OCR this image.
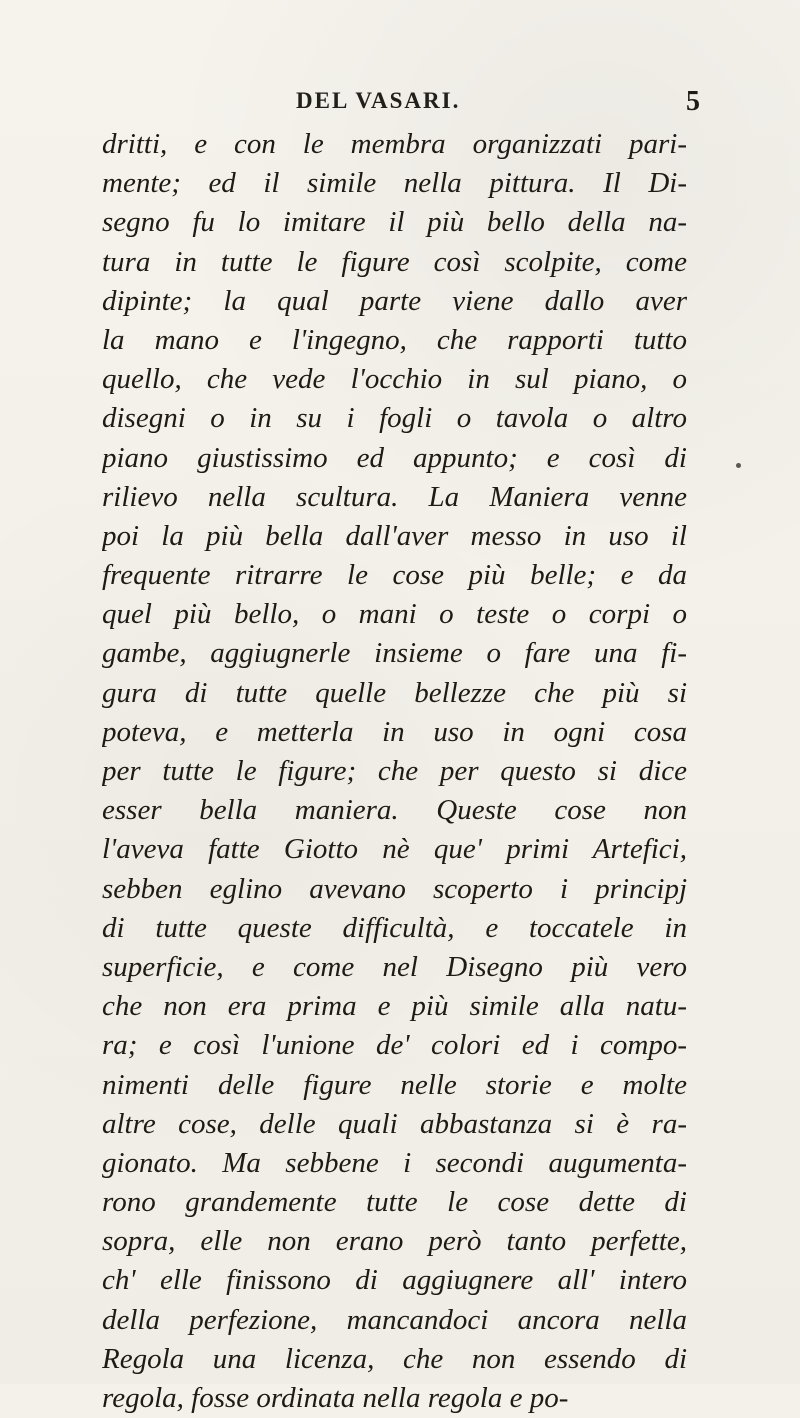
DEL VASARI.	5
dritti, e con le membra organizzati pari-
mente; ed il simile nella pittura. Il Di-
segno fu lo imitare il più bello della na-
tura in tutte le figure così scolpite, come
dipinte; la qual parte viene dallo aver
la mano e l'ingegno, che rapporti tutto
quello, che vede l'occhio in sul piano, o
disegni o in su i fogli o tavola o altro
piano giustissimo ed appunto; e così di
rilievo nella scultura. La Maniera venne
poi la più bella dall'aver messo in uso il
frequente ritrarre le cose più belle; e da
quel più bello, o mani o teste o corpi o
gambe, aggiugnerle insieme o fare una fi-
gura di tutte quelle bellezze che più si
poteva, e metterla in uso in ogni cosa
per tutte le figure; che per questo si dice
esser bella maniera. Queste cose non
l'aveva fatte Giotto nè que' primi Artefici,
sebben eglino avevano scoperto i principj
di tutte queste difficultà, e toccatele in
superficie, e come nel Disegno più vero
che non era prima e più simile alla natu-
ra; e così l'unione de' colori ed i compo-
nimenti delle figure nelle storie e molte
altre cose, delle quali abbastanza si è ra-
gionato. Ma sebbene i secondi augumenta-
rono grandemente tutte le cose dette di
sopra, elle non erano però tanto perfette,
ch' elle finissono di aggiugnere all' intero
della perfezione, mancandoci ancora nella
Regola una licenza, che non essendo di
regola, fosse ordinata nella regola e po-
